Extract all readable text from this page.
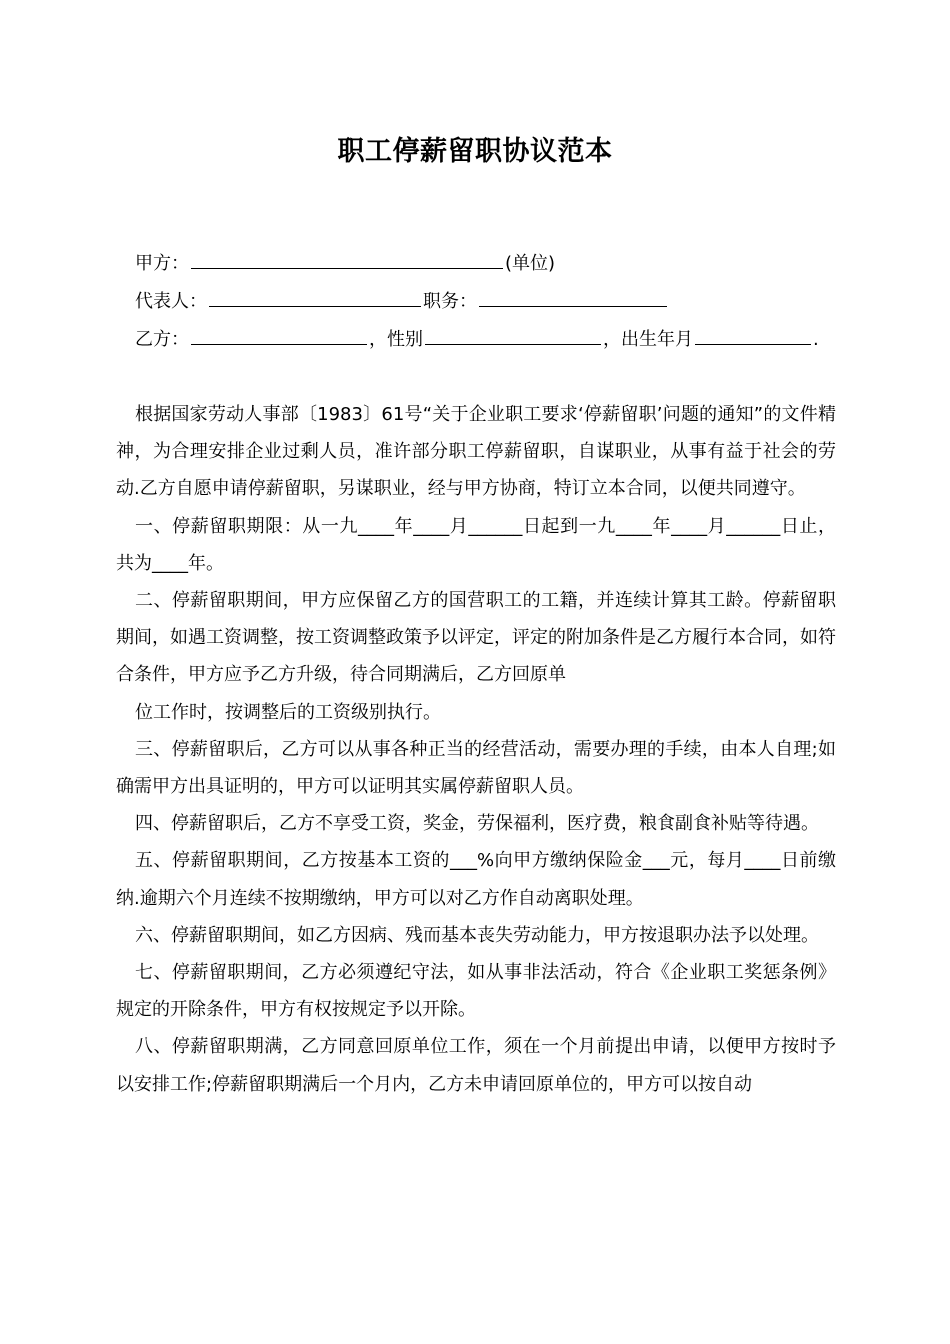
职工停薪留职协议范本
甲方：	(单位)
代表人：	职务：
乙方：	，性别	，出生年月	.

根据国家劳动人事部〔1983〕61号“关于企业职工要求‘停薪留职’问题的通知”的文件精神，为合理安排企业过剩人员，准许部分职工停薪留职，自谋职业，从事有益于社会的劳动.乙方自愿申请停薪留职，另谋职业，经与甲方协商，特订立本合同，以便共同遵守。

一、停薪留职期限：从一九____年____月______日起到一九____年____月______日止，共为____年。

二、停薪留职期间，甲方应保留乙方的国营职工的工籍，并连续计算其工龄。停薪留职期间，如遇工资调整，按工资调整政策予以评定，评定的附加条件是乙方履行本合同，如符合条件，甲方应予乙方升级，待合同期满后，乙方回原单

位工作时，按调整后的工资级别执行。

三、停薪留职后，乙方可以从事各种正当的经营活动，需要办理的手续，由本人自理;如确需甲方出具证明的，甲方可以证明其实属停薪留职人员。

四、停薪留职后，乙方不享受工资，奖金，劳保福利，医疗费，粮食副食补贴等待遇。

五、停薪留职期间，乙方按基本工资的___%向甲方缴纳保险金___元，每月____日前缴纳.逾期六个月连续不按期缴纳，甲方可以对乙方作自动离职处理。

六、停薪留职期间，如乙方因病、残而基本丧失劳动能力，甲方按退职办法予以处理。

七、停薪留职期间，乙方必须遵纪守法，如从事非法活动，符合《企业职工奖惩条例》规定的开除条件，甲方有权按规定予以开除。

八、停薪留职期满，乙方同意回原单位工作，须在一个月前提出申请，以便甲方按时予以安排工作;停薪留职期满后一个月内，乙方未申请回原单位的，甲方可以按自动
